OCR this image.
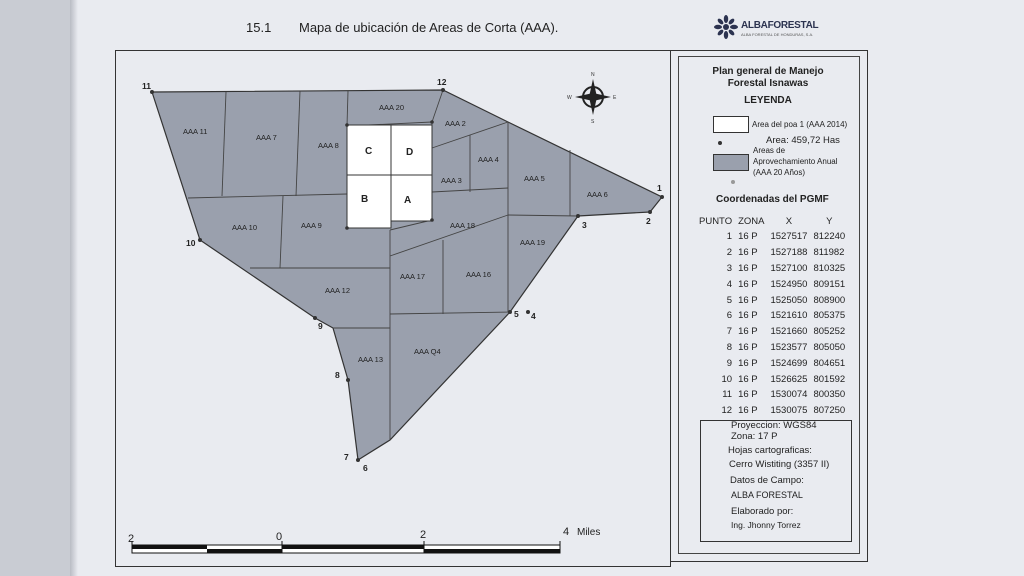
15.1 Mapa de ubicación de Areas de Corta (AAA).	ALBAFORESTAL
ALBA FORESTAL DE HONDURAS, S.A.
AAA 11
AAA 7
AAA 8
AAA 20
AAA 2
AAA 4
AAA 3	AAA 5
AAA 6
AAA 10	AAA 9	AAA 18
AAA 19
AAA 12
AAA 17	AAA 16
AAA 13
AAA Q4
C	D
B	A
1
2
3
4
5
6
7
8
9
10
11	12
N
S
E
W
2	0	2	4 Miles
Plan general de Manejo
Forestal Isnawas
LEYENDA
Area del poa 1 (AAA 2014)
Area: 459,72 Has
Areas de
Aprovechamiento Anual
(AAA 20 Años)
Coordenadas del PGMF
PUNTO	ZONA	X	Y
1	16 P	1527517	812240
2	16 P	1527188	811982
3	16 P	1527100	810325
4	16 P	1524950	809151
5	16 P	1525050	808900
6	16 P	1521610	805375
7	16 P	1521660	805252
8	16 P	1523577	805050
9	16 P	1524699	804651
10	16 P	1526625	801592
11	16 P	1530074	800350
12	16 P	1530075	807250
Proyeccion: WGS84
Zona: 17 P
Hojas cartograficas:
Cerro Wistiting (3357 II)
Datos de Campo:
ALBA FORESTAL
Elaborado por:
Ing. Jhonny Torrez
